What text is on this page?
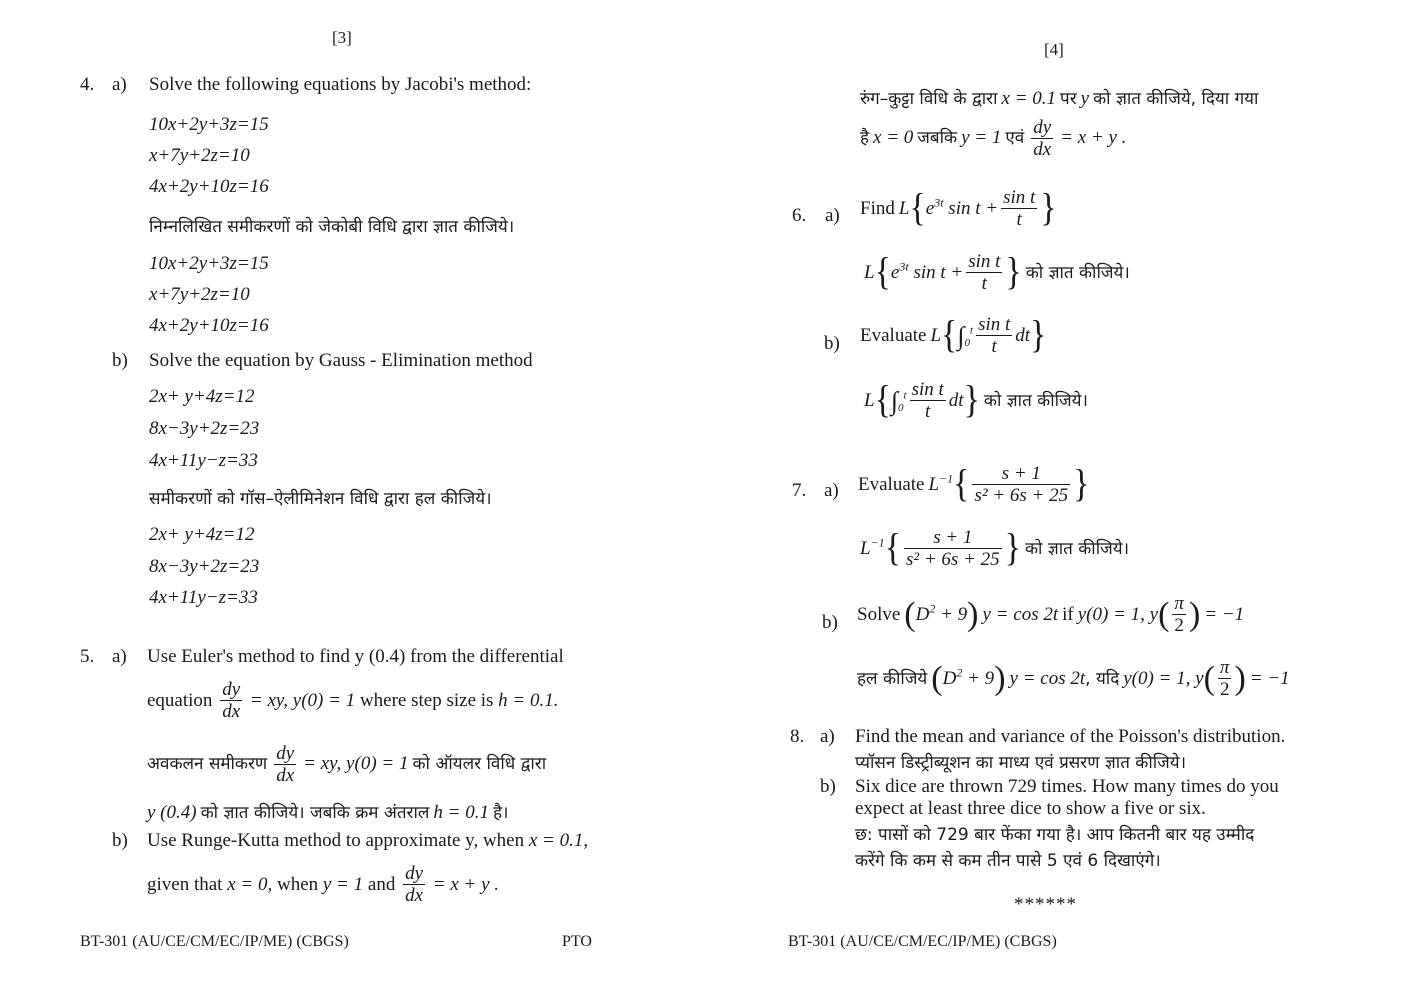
[3]
4. a) Solve the following equations by Jacobi's method:
10x+2y+3z=15
x+7y+2z=10
4x+2y+10z=16
निम्नलिखित समीकरणों को जेकोबी विधि द्वारा ज्ञात कीजिये।
10x+2y+3z=15
x+7y+2z=10
4x+2y+10z=16
b) Solve the equation by Gauss - Elimination method
2x+ y+4z=12
8x−3y+2z=23
4x+11y−z=33
समीकरणों को गॉस–ऐलीमिनेशन विधि द्वारा हल कीजिये।
2x+ y+4z=12
8x−3y+2z=23
4x+11y−z=33
5. a) Use Euler's method to find y (0.4) from the differential
equation $\frac{dy}{dx}$ = xy, y(0) = 1 where step size is h = 0.1.
अवकलन समीकरण $\frac{dy}{dx}$ = xy, y(0) = 1 को ऑयलर विधि द्वारा
y (0.4) को ज्ञात कीजिये। जबकि क्रम अंतराल h = 0.1 है।
b) Use Runge-Kutta method to approximate y, when x = 0.1,
given that x = 0, when y = 1 and $\frac{dy}{dx} = x + y$ .
BT-301 (AU/CE/CM/EC/IP/ME) (CBGS)	PTO
[4]
रुंग–कुट्टा विधि के द्वारा x = 0.1 पर y को ज्ञात कीजिये, दिया गया
है x = 0 जबकि y = 1 एवं $\frac{dy}{dx} = x + y$ .
6. a) Find $L\{e^{3t}$ $\sin t + \frac{\text{sin t}}{t}$ }
$L\{e^{3t}$ $\sin t + \frac{\text{sin t}}{t}$ } को ज्ञात कीजिये।
b) Evaluate $L\{\int_0^t \frac{\text{sin t}}{t} dt\}$
$L\{\int_0^t \frac{\text{sin t}}{t} dt\}$ को ज्ञात कीजिये।
7. a) Evaluate $L^{-1}\{ \frac{s + 1}{\text{s² + 6s + 25}}$ }
$L^{-1}\{ \frac{s + 1}{\text{s² + 6s + 25}}$ } को ज्ञात कीजिये।
b) Solve $(D^2 + 9) y = \cos 2t$ if y(0) = 1, $y( \frac{\pi}{2}$ ) = −1
हल कीजिये $(D^2 + 9) y = \cos 2t$, यदि y(0) = 1, $y( \frac{\pi}{2}$ ) = −1
8. a) Find the mean and variance of the Poisson's distribution.
प्यॉसन डिस्ट्रीब्यूशन का माध्य एवं प्रसरण ज्ञात कीजिये।
b) Six dice are thrown 729 times. How many times do you
expect at least three dice to show a five or six.
छ: पासों को 729 बार फेंका गया है। आप कितनी बार यह उम्मीद
करेंगे कि कम से कम तीन पासे 5 एवं 6 दिखाएंगे।
******
BT-301 (AU/CE/CM/EC/IP/ME) (CBGS)
